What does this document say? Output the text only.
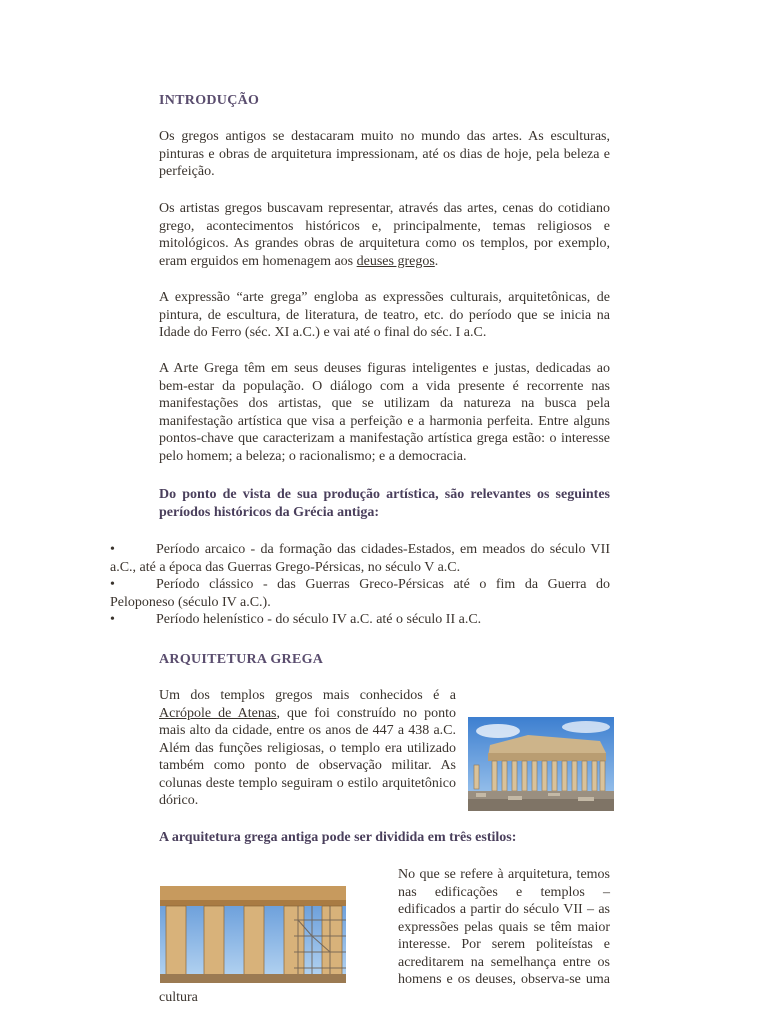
INTRODUÇÃO

Os gregos antigos se destacaram muito no mundo das artes. As esculturas, pinturas e obras de arquitetura impressionam, até os dias de hoje, pela beleza e perfeição.

Os artistas gregos buscavam representar, através das artes, cenas do cotidiano grego, acontecimentos históricos e, principalmente, temas religiosos e mitológicos. As grandes obras de arquitetura como os templos, por exemplo, eram erguidos em homenagem aos deuses gregos.

A expressão “arte grega” engloba as expressões culturais, arquitetônicas, de pintura, de escultura, de literatura, de teatro, etc. do período que se inicia na Idade do Ferro (séc. XI a.C.) e vai até o final do séc. I a.C.

A Arte Grega têm em seus deuses figuras inteligentes e justas, dedicadas ao bem-estar da população. O diálogo com a vida presente é recorrente nas manifestações dos artistas, que se utilizam da natureza na busca pela manifestação artística que visa a perfeição e a harmonia perfeita. Entre alguns pontos-chave que caracterizam a manifestação artística grega estão: o interesse pelo homem; a beleza; o racionalismo; e a democracia.

Do ponto de vista de sua produção artística, são relevantes os seguintes períodos históricos da Grécia antiga:

•	Período arcaico - da formação das cidades-Estados, em meados do século VII a.C., até a época das Guerras Grego-Pérsicas, no século V a.C.

•	Período clássico - das Guerras Greco-Pérsicas até o fim da Guerra do Peloponeso (século IV a.C.).

•	Período helenístico - do século IV a.C. até o século II a.C.

ARQUITETURA GREGA

Um dos templos gregos mais conhecidos é a Acrópole de Atenas, que foi construído no ponto mais alto da cidade, entre os anos de 447 a 438 a.C. Além das funções religiosas, o templo era utilizado também como ponto de observação militar. As colunas deste templo seguiram o estilo arquitetônico dórico.

A arquitetura grega antiga pode ser dividida em três estilos:

No que se refere à arquitetura, temos nas edificações e templos – edificados a partir do século VII – as expressões pelas quais se têm maior interesse. Por serem politeístas e acreditarem na semelhança entre os homens e os deuses, observa-se uma cultura
